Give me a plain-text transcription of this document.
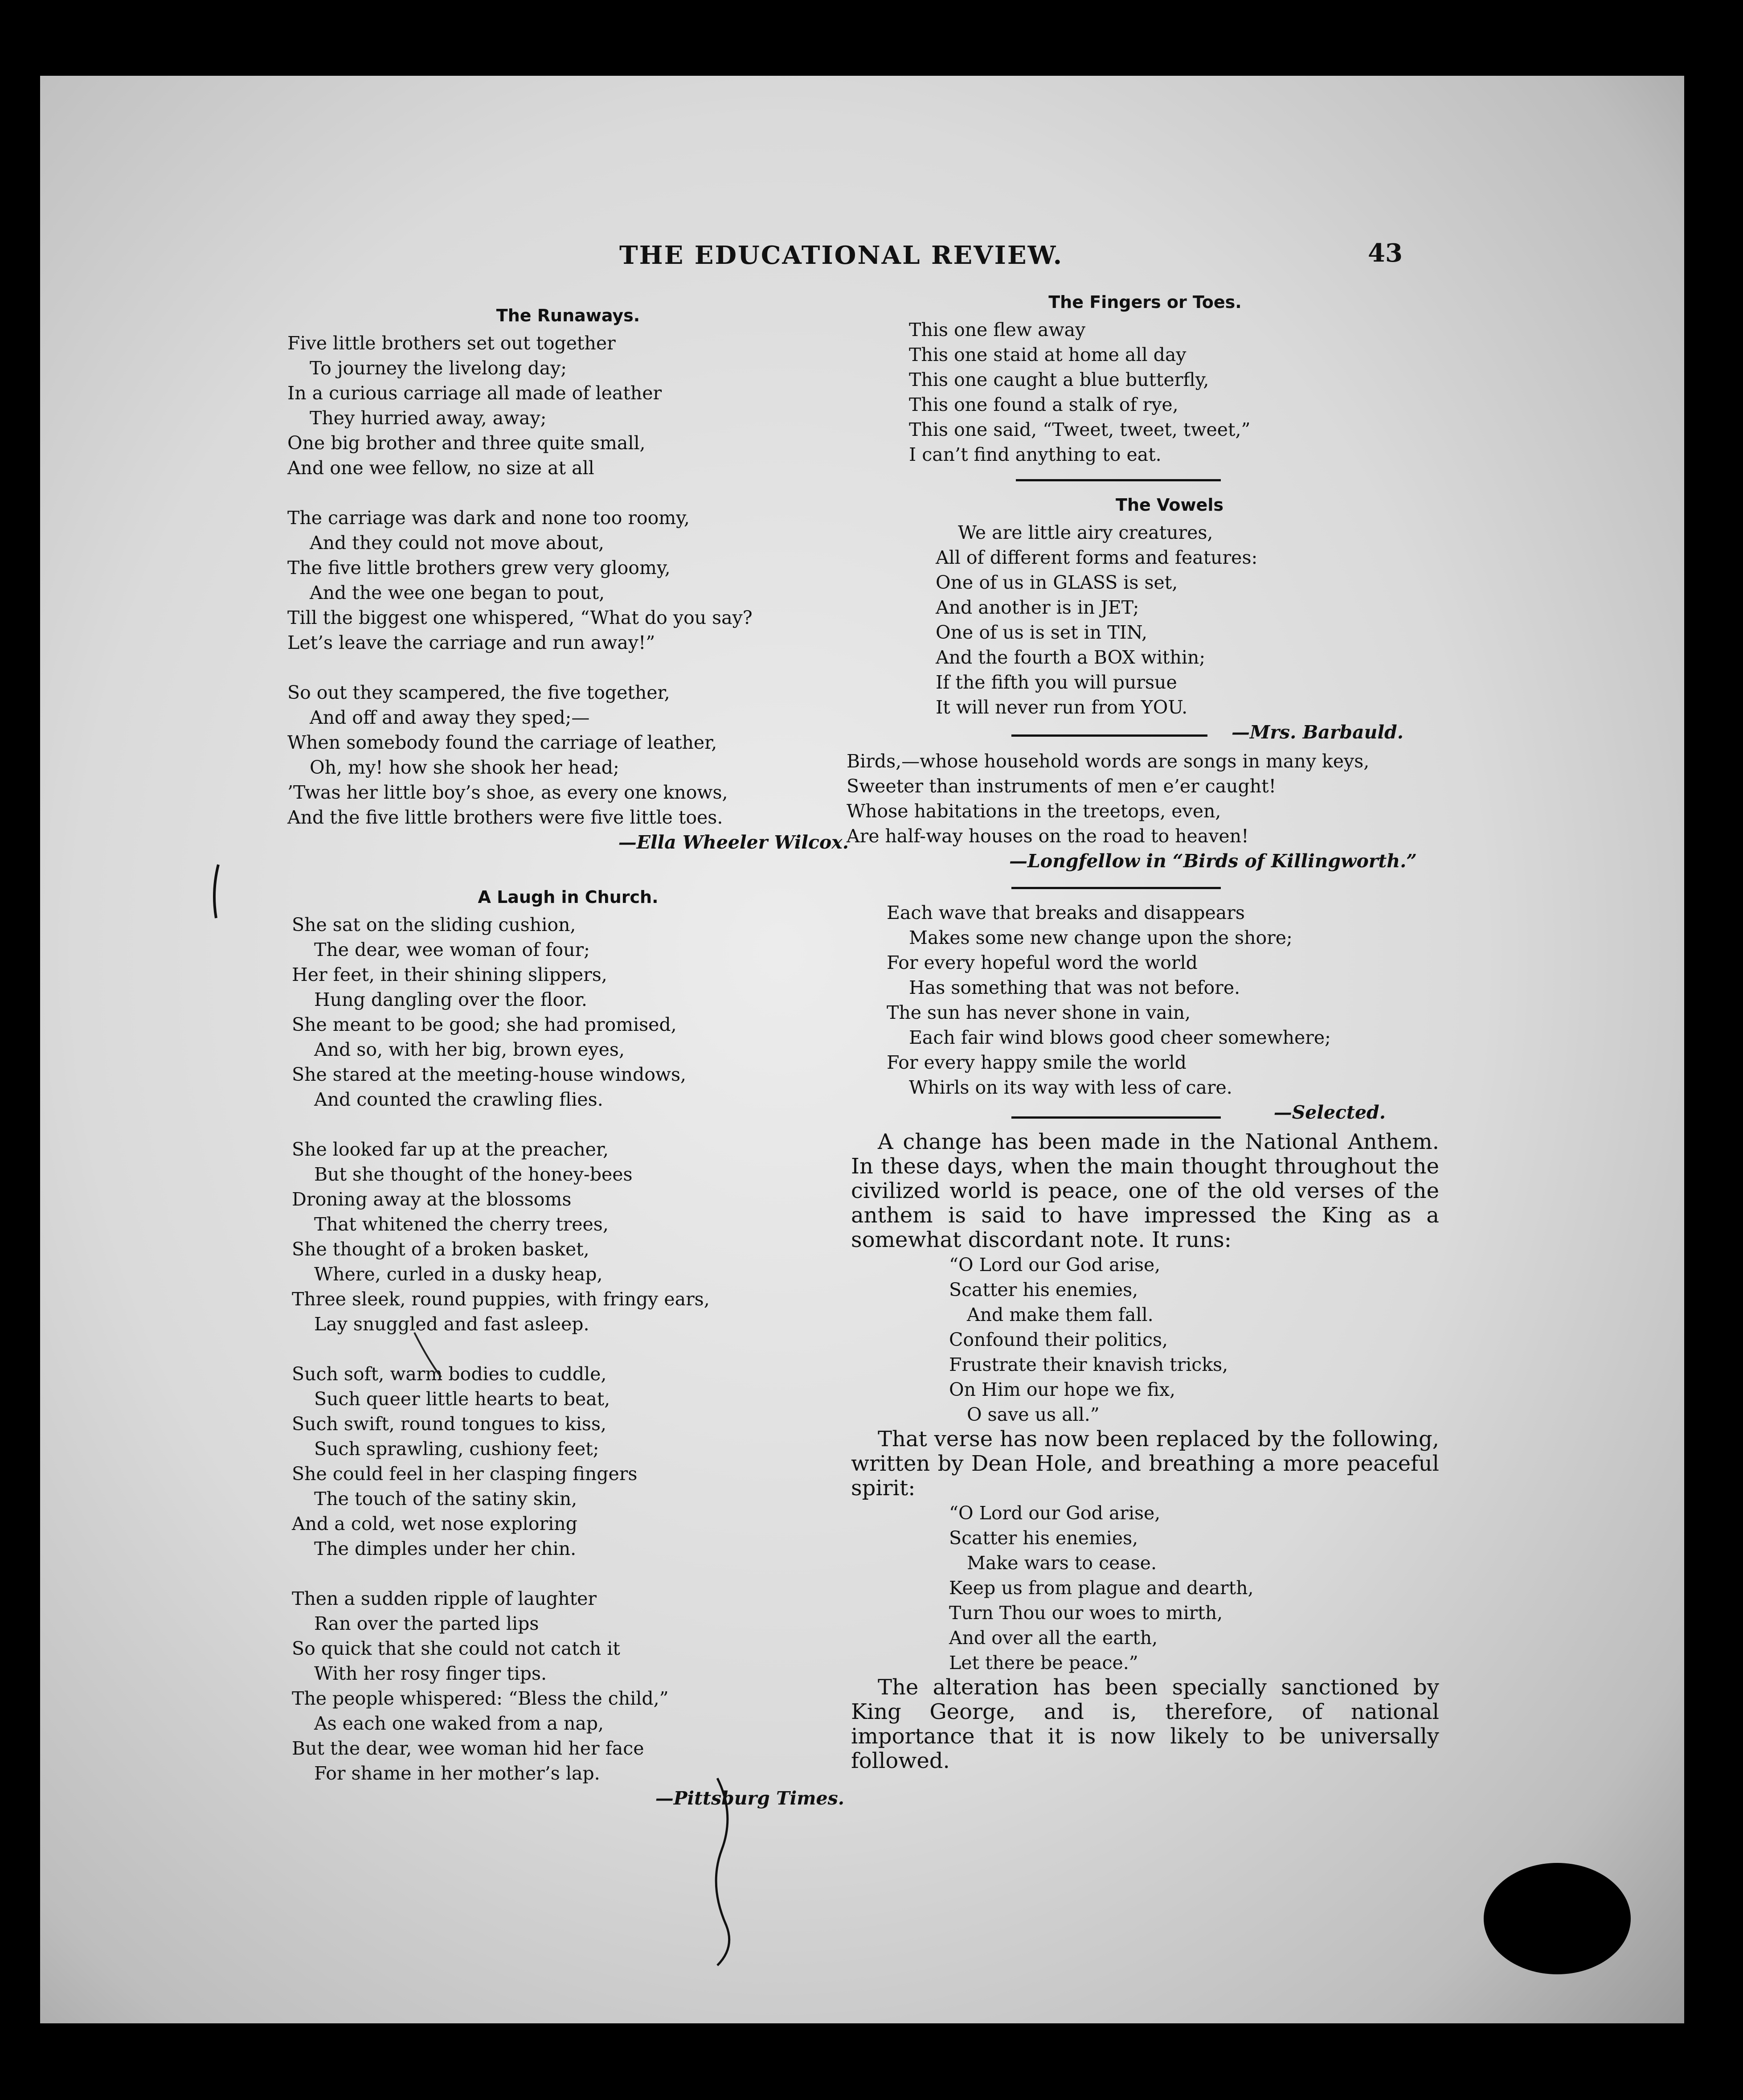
THE EDUCATIONAL REVIEW.	43
The Runaways.
Five little brothers set out together
To journey the livelong day;
In a curious carriage all made of leather
They hurried away, away;
One big brother and three quite small,
And one wee fellow, no size at all
The carriage was dark and none too roomy,
And they could not move about,
The five little brothers grew very gloomy,
And the wee one began to pout,
Till the biggest one whispered, “What do you say?
Let’s leave the carriage and run away!”
So out they scampered, the five together,
And off and away they sped;—
When somebody found the carriage of leather,
Oh, my! how she shook her head;
’Twas her little boy’s shoe, as every one knows,
And the five little brothers were five little toes.
—Ella Wheeler Wilcox.
A Laugh in Church.
She sat on the sliding cushion,
The dear, wee woman of four;
Her feet, in their shining slippers,
Hung dangling over the floor.
She meant to be good; she had promised,
And so, with her big, brown eyes,
She stared at the meeting-house windows,
And counted the crawling flies.
She looked far up at the preacher,
But she thought of the honey-bees
Droning away at the blossoms
That whitened the cherry trees,
She thought of a broken basket,
Where, curled in a dusky heap,
Three sleek, round puppies, with fringy ears,
Lay snuggled and fast asleep.
Such soft, warm bodies to cuddle,
Such queer little hearts to beat,
Such swift, round tongues to kiss,
Such sprawling, cushiony feet;
She could feel in her clasping fingers
The touch of the satiny skin,
And a cold, wet nose exploring
The dimples under her chin.
Then a sudden ripple of laughter
Ran over the parted lips
So quick that she could not catch it
With her rosy finger tips.
The people whispered: “Bless the child,”
As each one waked from a nap,
But the dear, wee woman hid her face
For shame in her mother’s lap.
—Pittsburg Times.
The Fingers or Toes.
This one flew away
This one staid at home all day
This one caught a blue butterfly,
This one found a stalk of rye,
This one said, “Tweet, tweet, tweet,”
I can’t find anything to eat.
The Vowels
We are little airy creatures,
All of different forms and features:
One of us in GLASS is set,
And another is in JET;
One of us is set in TIN,
And the fourth a BOX within;
If the fifth you will pursue
It will never run from YOU.
—Mrs. Barbauld.
Birds,—whose household words are songs in many keys,
Sweeter than instruments of men e’er caught!
Whose habitations in the treetops, even,
Are half-way houses on the road to heaven!
—Longfellow in “Birds of Killingworth.”
Each wave that breaks and disappears
Makes some new change upon the shore;
For every hopeful word the world
Has something that was not before.
The sun has never shone in vain,
Each fair wind blows good cheer somewhere;
For every happy smile the world
Whirls on its way with less of care.
—Selected.

A change has been made in the National Anthem. In these days, when the main thought throughout the civilized world is peace, one of the old verses of the anthem is said to have impressed the King as a somewhat discordant note. It runs:

“O Lord our God arise,
Scatter his enemies,
And make them fall.
Confound their politics,
Frustrate their knavish tricks,
On Him our hope we fix,
O save us all.”

That verse has now been replaced by the following, written by Dean Hole, and breathing a more peaceful spirit:

“O Lord our God arise,
Scatter his enemies,
Make wars to cease.
Keep us from plague and dearth,
Turn Thou our woes to mirth,
And over all the earth,
Let there be peace.”

The alteration has been specially sanctioned by King George, and is, therefore, of national importance that it is now likely to be universally followed.
